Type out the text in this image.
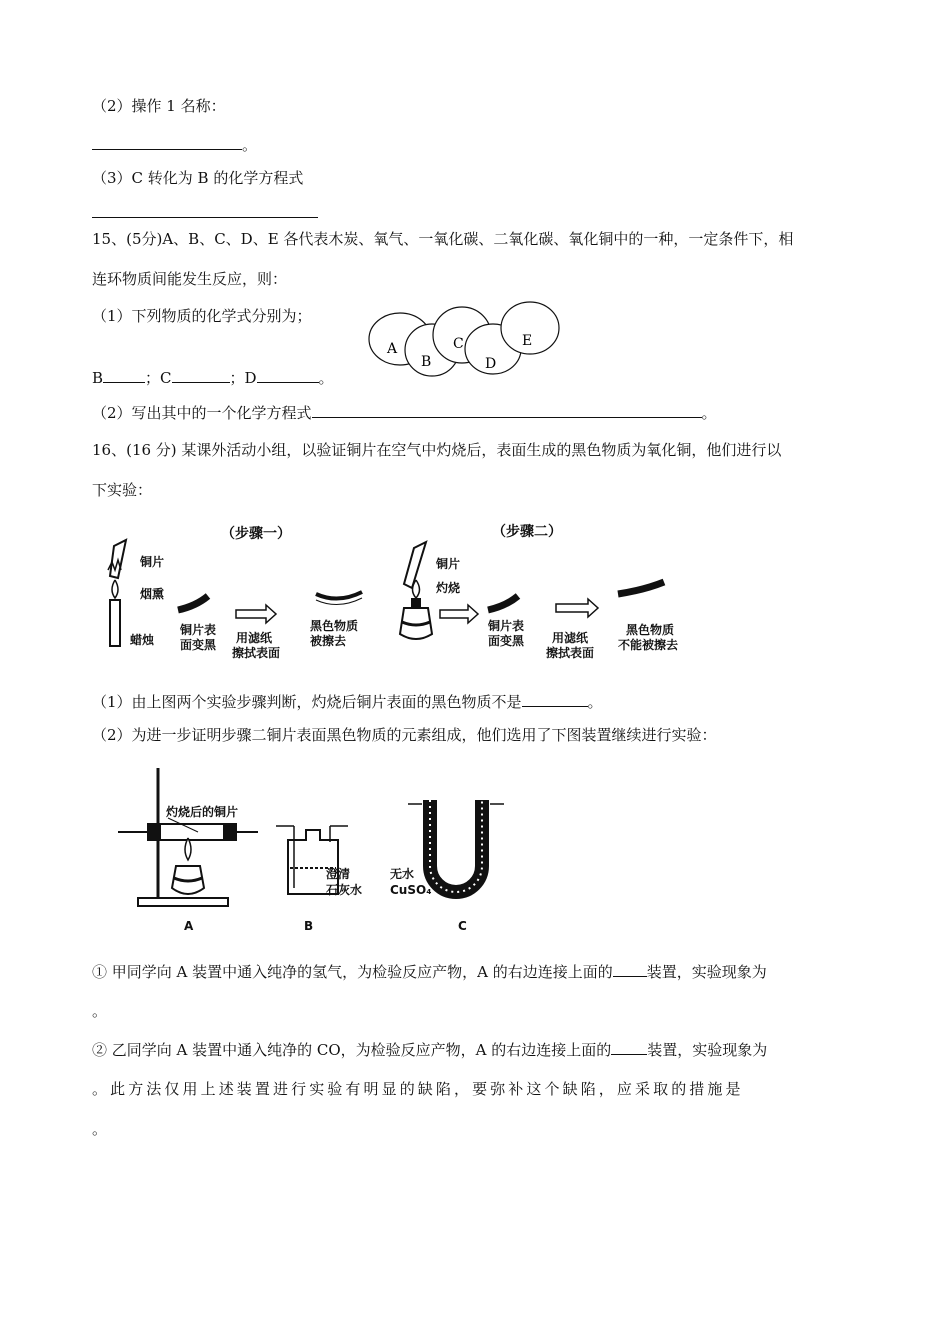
（2）操作 1 名称：
。
（3）C 转化为 B 的化学方程式
15、(5分)A、B、C、D、E 各代表木炭、氧气、一氧化碳、二氧化碳、氧化铜中的一种，一定条件下，相
连环物质间能发生反应，则：
（1）下列物质的化学式分别为；
A
B
C
D
E
B	；C	；D	。
（2）写出其中的一个化学方程式	。
16、(16 分) 某课外活动小组，以验证铜片在空气中灼烧后，表面生成的黑色物质为氧化铜，他们进行以
下实验：
（步骤一）
铜片
烟熏
蜡烛
铜片表
面变黑 用滤纸
擦拭表面
黑色物质
被擦去
（步骤二）
铜片
灼烧
铜片表
面变黑 用滤纸
擦拭表面
黑色物质
不能被擦去
（1）由上图两个实验步骤判断，灼烧后铜片表面的黑色物质不是	。
（2）为进一步证明步骤二铜片表面黑色物质的元素组成，他们选用了下图装置继续进行实验：
灼烧后的铜片
澄清
石灰水
无水
CuSO₄
A	B	C
① 甲同学向 A 装置中通入纯净的氢气，为检验反应产物，A 的右边连接上面的 装置，实验现象为
。
② 乙同学向 A 装置中通入纯净的 CO，为检验反应产物，A 的右边连接上面的 装置，实验现象为
。此方法仅用上述装置进行实验有明显的缺陷，要弥补这个缺陷，应采取的措施是
。
